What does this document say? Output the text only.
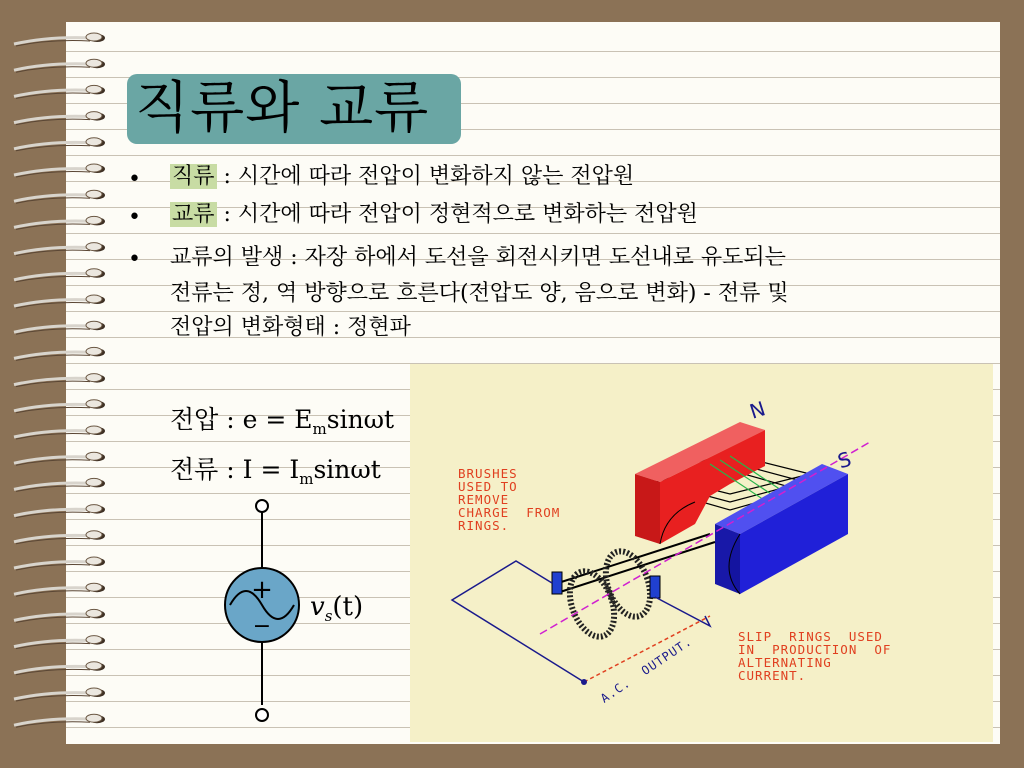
직류와 교류
• 직류 : 시간에 따라 전압이 변화하지 않는 전압원
• 교류 : 시간에 따라 전압이 정현적으로 변화하는 전압원
• 교류의 발생 : 자장 하에서 도선을 회전시키면 도선내로 유도되는
전류는 정, 역 방향으로 흐른다(전압도 양, 음으로 변화) - 전류 및
전압의 변화형태 : 정현파
전압 : $e = E_m\sin\omega t$
전류 : $I = I_m\sin\omega t$
+
−
$v_s(t)$
BRUSHES
USED TO
REMOVE
CHARGE  FROM
RINGS.
SLIP  RINGS  USED
IN  PRODUCTION  OF
ALTERNATING
CURRENT.
A.C.  OUTPUT.
N
S
